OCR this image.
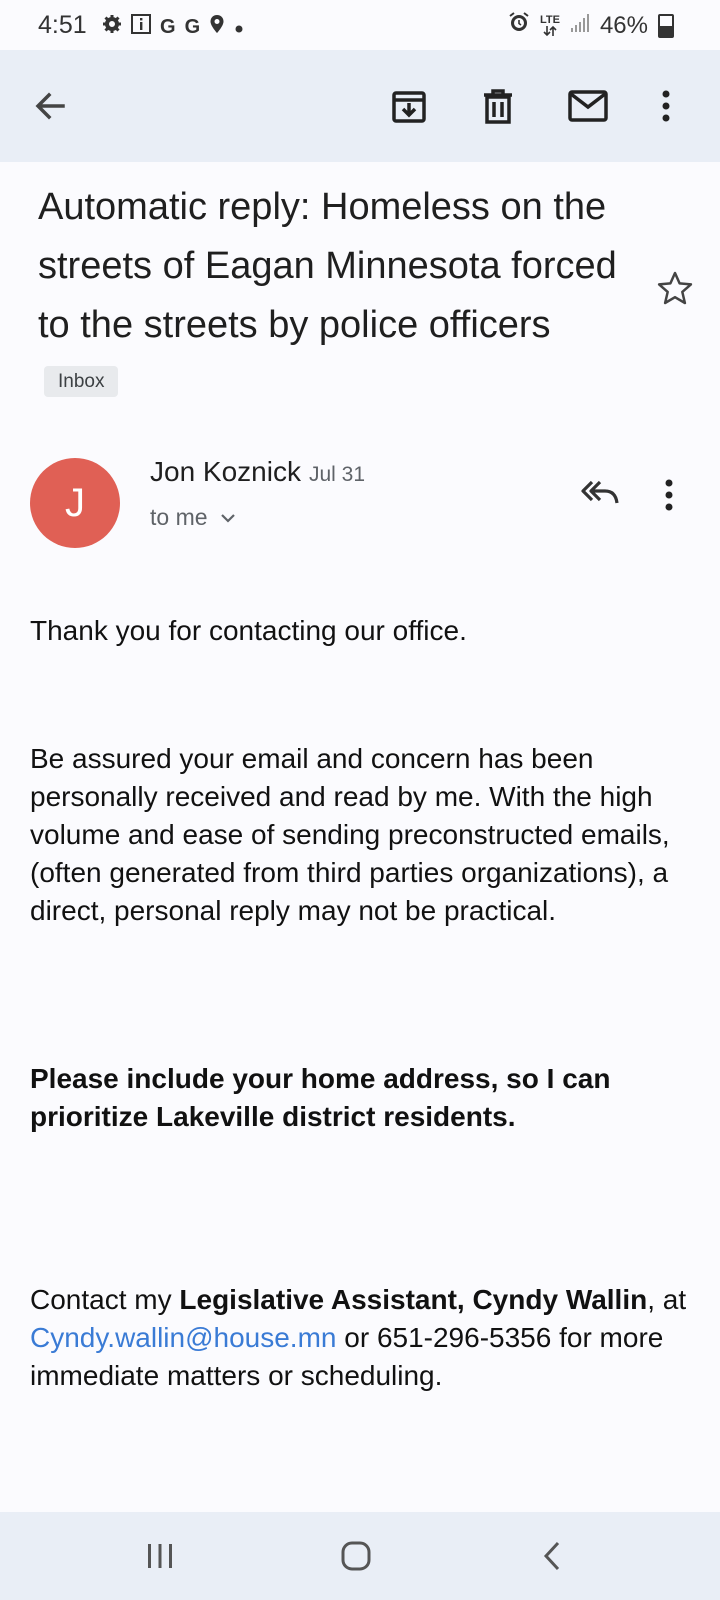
4:51	G G	LTE 46%
Automatic reply: Homeless on the streets of Eagan Minnesota forced to the streets by police officers Inbox
J
Jon Koznick Jul 31
to me

Thank you for contacting our office.

Be assured your email and concern has been personally received and read by me. With the high volume and ease of sending preconstructed emails, (often generated from third parties organizations), a direct, personal reply may not be practical.

Please include your home address, so I can prioritize Lakeville district residents.

Contact my Legislative Assistant, Cyndy Wallin, at Cyndy.wallin@house.mn or 651-296-5356 for more immediate matters or scheduling.
